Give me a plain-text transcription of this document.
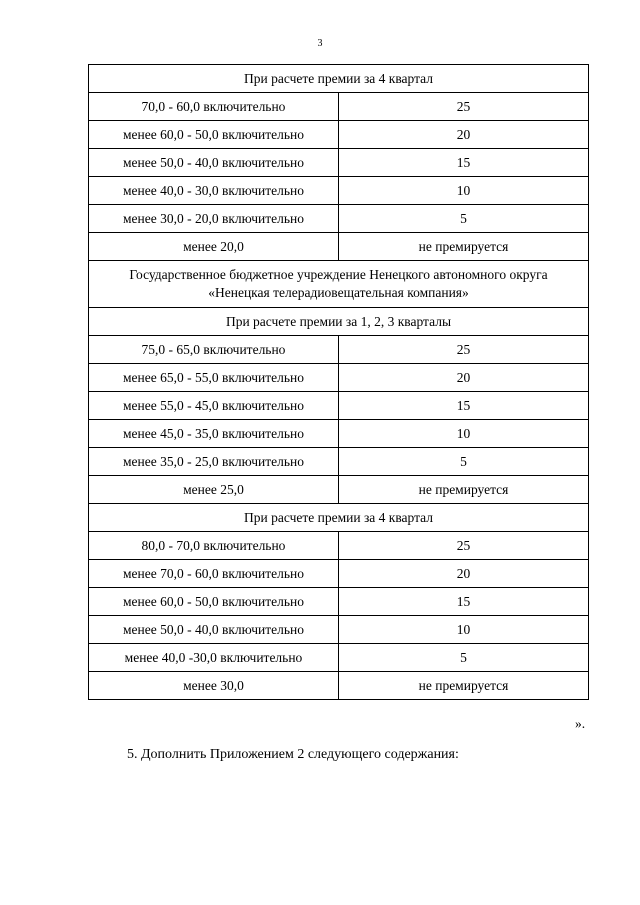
3
При расчете премии за 4 квартал	
70,0 - 60,0 включительно	25
менее 60,0 - 50,0 включительно	20
менее 50,0 - 40,0 включительно	15
менее 40,0 - 30,0 включительно	10
менее 30,0 - 20,0 включительно	5
менее 20,0	не премируется

Государственное бюджетное учреждение Ненецкого автономного округа
«Ненецкая телерадиовещательная компания»	

При расчете премии за 1, 2, 3 кварталы	
75,0 - 65,0 включительно	25
менее 65,0 - 55,0 включительно	20
менее 55,0 - 45,0 включительно	15
менее 45,0 - 35,0 включительно	10
менее 35,0 - 25,0 включительно	5
менее 25,0	не премируется
При расчете премии за 4 квартал	
80,0 - 70,0 включительно	25
менее 70,0 - 60,0 включительно	20
менее 60,0 - 50,0 включительно	15
менее 50,0 - 40,0 включительно	10
менее 40,0 -30,0 включительно	5
менее 30,0	не премируется
».
5. Дополнить Приложением 2 следующего содержания:
